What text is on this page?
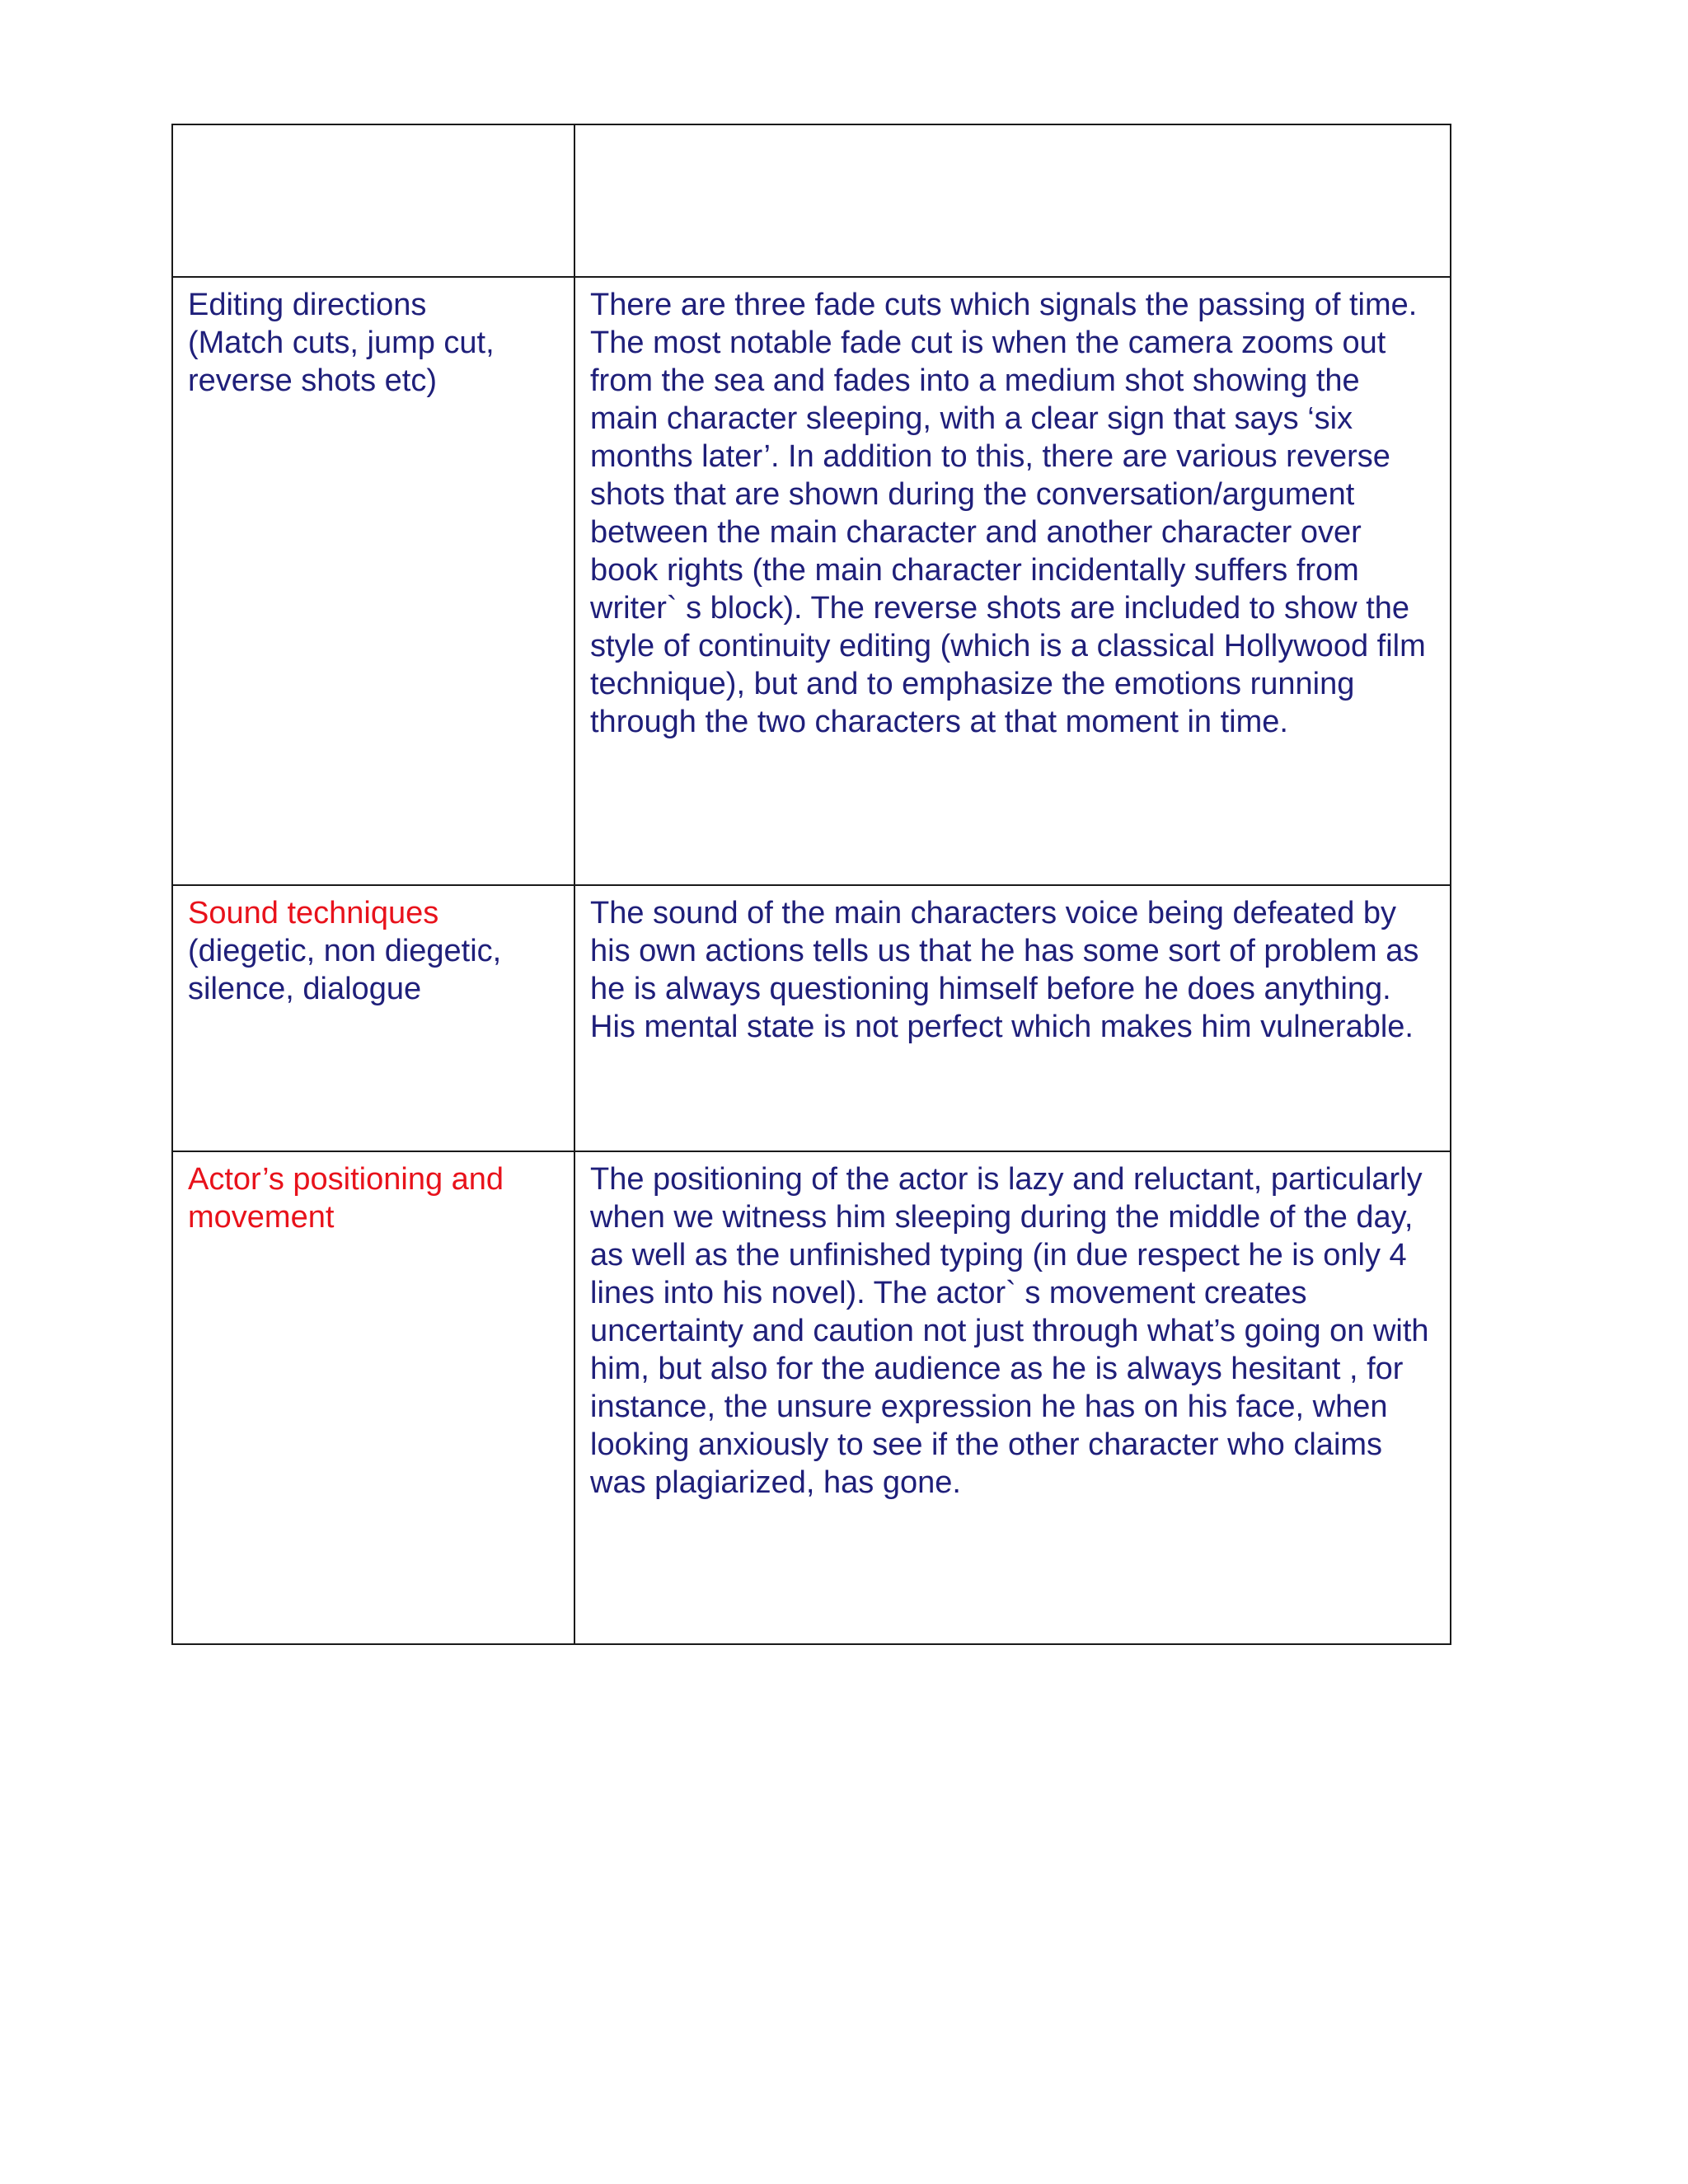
Editing directions
(Match cuts, jump cut, reverse shots etc)	There are three fade cuts which signals the passing of time. The most notable fade cut is when the camera zooms out from the sea and fades into a medium shot showing the main character sleeping, with a clear sign that says ‘six months later’. In addition to this, there are various reverse shots that are shown during the conversation/argument between the main character and another character over book rights (the main character incidentally suffers from writer` s block). The reverse shots are included to show the style of continuity editing (which is a classical Hollywood film technique), but and to emphasize the emotions running through the two characters at that moment in time.

Sound techniques
(diegetic, non diegetic, silence, dialogue	The sound of the main characters voice being defeated by his own actions tells us that he has some sort of problem as he is always questioning himself before he does anything. His mental state is not perfect which makes him vulnerable.

Actor’s positioning and movement	The positioning of the actor is lazy and reluctant, particularly when we witness him sleeping during the middle of the day, as well as the unfinished typing (in due respect he is only 4 lines into his novel). The actor` s movement creates uncertainty and caution not just through what’s going on with him, but also for the audience as he is always hesitant , for instance, the unsure expression he has on his face, when looking anxiously to see if the other character who claims was plagiarized, has gone.
